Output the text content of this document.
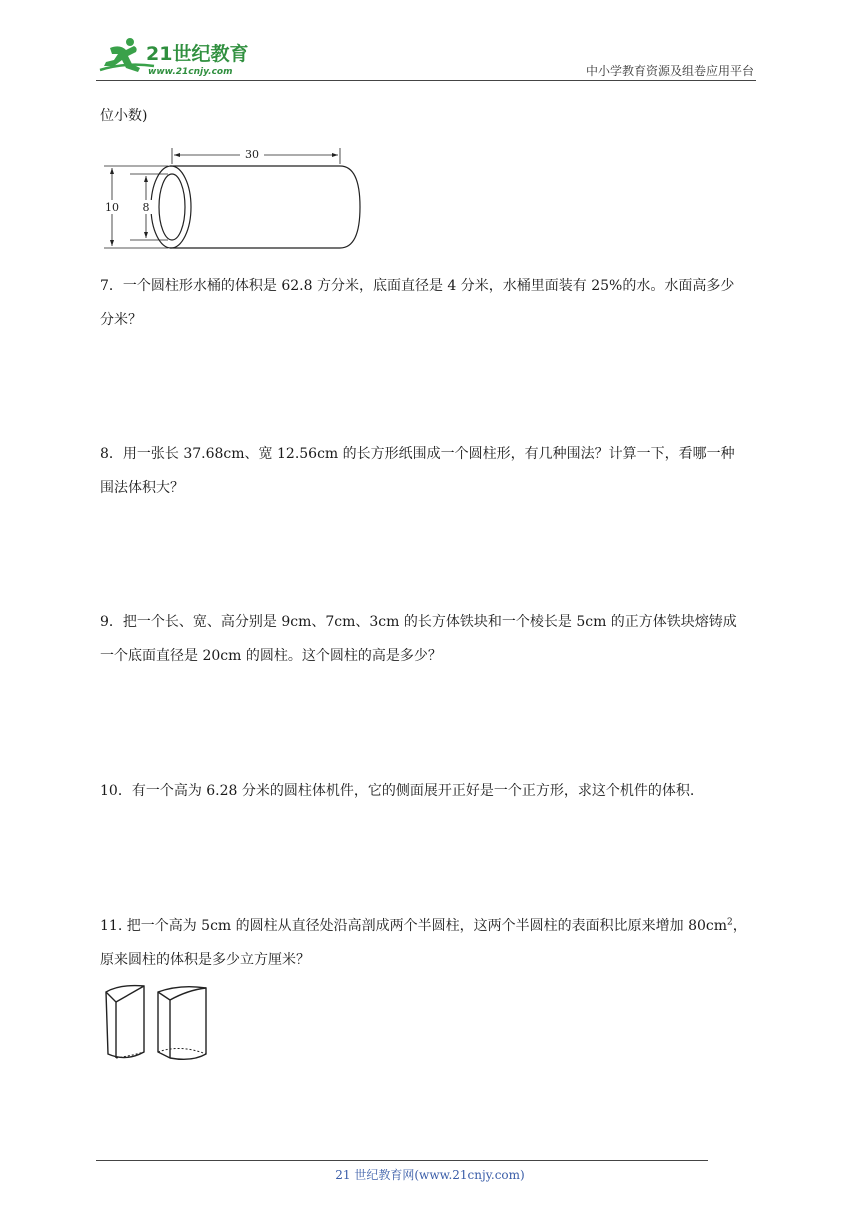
21世纪教育
www.21cnjy.com	中小学教育资源及组卷应用平台
位小数)
30
10 8
7．一个圆柱形水桶的体积是 62.8 方分米，底面直径是 4 分米，水桶里面装有 25%的水。水面高多少
分米？
8．用一张长 37.68cm、宽 12.56cm 的长方形纸围成一个圆柱形，有几种围法？计算一下，看哪一种
围法体积大？
9．把一个长、宽、高分别是 9cm、7cm、3cm 的长方体铁块和一个棱长是 5cm 的正方体铁块熔铸成
一个底面直径是 20cm 的圆柱。这个圆柱的高是多少？
10．有一个高为 6.28 分米的圆柱体机件，它的侧面展开正好是一个正方形，求这个机件的体积.
11. 把一个高为 5cm 的圆柱从直径处沿高剖成两个半圆柱，这两个半圆柱的表面积比原来增加 $80cm^2$，
原来圆柱的体积是多少立方厘米？
21 世纪教育网(www.21cnjy.com)
